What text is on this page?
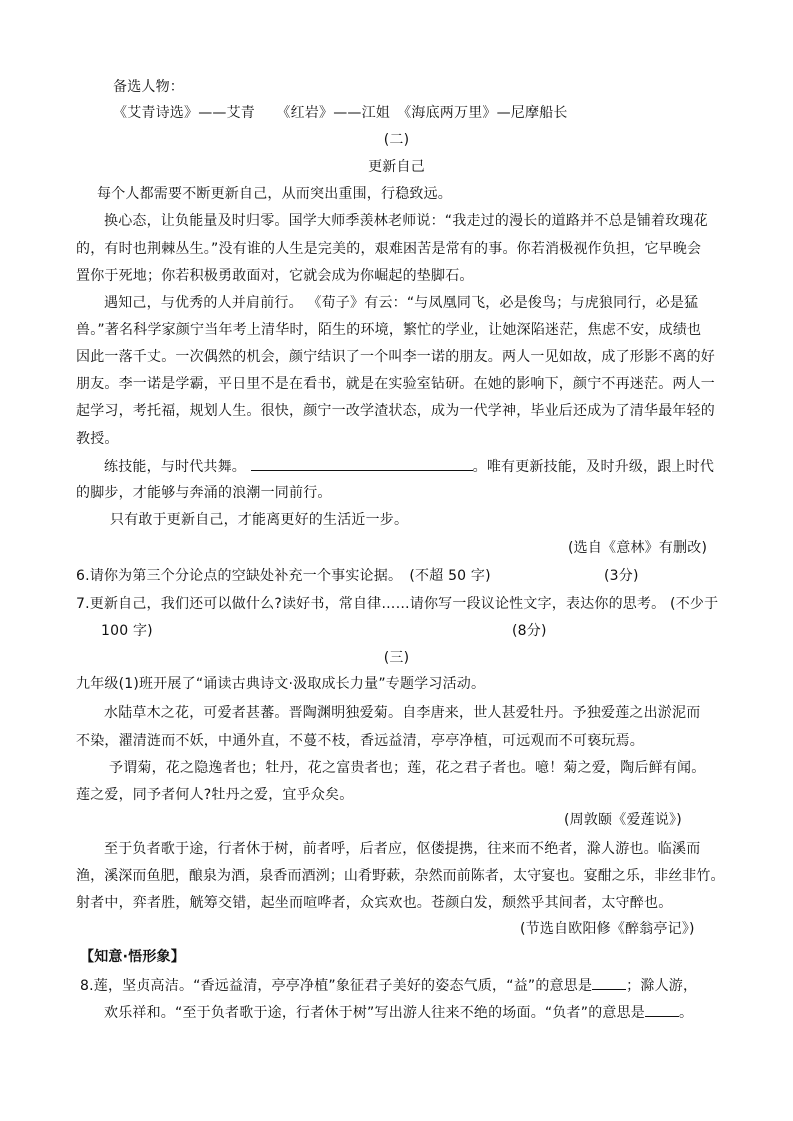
备选人物：
《艾青诗选》——艾青　　《红岩》——江姐　《海底两万里》—尼摩船长
(二)
更新自己
每个人都需要不断更新自己，从而突出重围，行稳致远。
换心态，让负能量及时归零。国学大师季羡林老师说：“我走过的漫长的道路并不总是铺着玫瑰花
的，有时也荆棘丛生。”没有谁的人生是完美的，艰难困苦是常有的事。你若消极视作负担，它早晚会
置你于死地；你若积极勇敢面对，它就会成为你崛起的垫脚石。
遇知己，与优秀的人并肩前行。 《荀子》有云：“与凤凰同飞，必是俊鸟；与虎狼同行，必是猛
兽。”著名科学家颜宁当年考上清华时，陌生的环境，繁忙的学业，让她深陷迷茫，焦虑不安，成绩也
因此一落千丈。一次偶然的机会，颜宁结识了一个叫李一诺的朋友。两人一见如故，成了形影不离的好
朋友。李一诺是学霸，平日里不是在看书，就是在实验室钻研。在她的影响下，颜宁不再迷茫。两人一
起学习，考托福，规划人生。很快，颜宁一改学渣状态，成为一代学神，毕业后还成为了清华最年轻的
教授。
练技能，与时代共舞。	。唯有更新技能，及时升级，跟上时代
的脚步，才能够与奔涌的浪潮一同前行。
只有敢于更新自己，才能离更好的生活近一步。
(选自《意林》有删改)
6.请你为第三个分论点的空缺处补充一个事实论据。　(不超 50 字)	(3分)
7.更新自己，我们还可以做什么?读好书，常自律……请你写一段议论性文字，表达你的思考。 (不少于
100 字)	(8分)
(三)
九年级(1)班开展了“诵读古典诗文·汲取成长力量”专题学习活动。
水陆草木之花，可爱者甚蕃。晋陶渊明独爱菊。自李唐来，世人甚爱牡丹。予独爱莲之出淤泥而
不染，濯清涟而不妖，中通外直，不蔓不枝，香远益清，亭亭净植，可远观而不可亵玩焉。
予谓菊，花之隐逸者也；牡丹，花之富贵者也；莲，花之君子者也。噫！菊之爱，陶后鲜有闻。
莲之爱，同予者何人?牡丹之爱，宜乎众矣。
(周敦颐《爱莲说》)
至于负者歌于途，行者休于树，前者呼，后者应，伛偻提携，往来而不绝者，滁人游也。临溪而
渔，溪深而鱼肥，酿泉为酒，泉香而酒洌；山肴野蔌，杂然而前陈者，太守宴也。宴酣之乐，非丝非竹。
射者中，弈者胜，觥筹交错，起坐而喧哗者，众宾欢也。苍颜白发，颓然乎其间者，太守醉也。
(节选自欧阳修《醉翁亭记》)
【知意·悟形象】
8.莲，坚贞高洁。“香远益清，亭亭净植”象征君子美好的姿态气质，“益”的意思是 ；滁人游，
欢乐祥和。“至于负者歌于途，行者休于树”写出游人往来不绝的场面。“负者”的意思是 。
